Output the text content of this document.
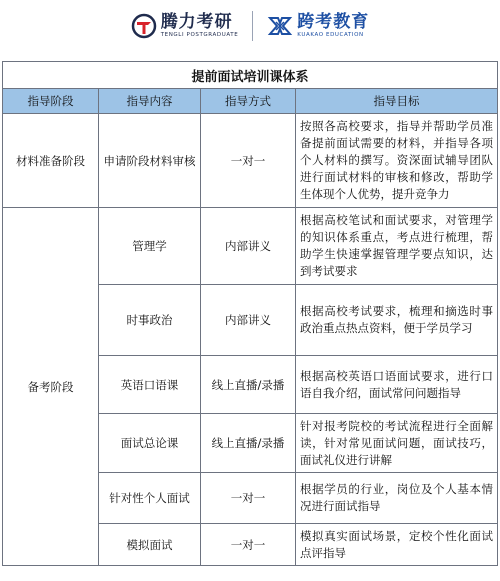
腾力考研
TENGLI POSTGRADUATE
跨考教育
KUAKAO EDUCATION
提前面试培训课体系			
指导阶段	指导内容	指导方式	指导目标
材料准备阶段	申请阶段材料审核	一对一	按照各高校要求，指导并帮助学员准备提前面试需要的材料，并指导各项个人材料的撰写。资深面试辅导团队进行面试材料的审核和修改，帮助学生体现个人优势，提升竞争力
备考阶段	管理学	内部讲义	根据高校笔试和面试要求，对管理学的知识体系重点，考点进行梳理，帮助学生快速掌握管理学要点知识，达到考试要求
	时事政治	内部讲义	根据高校考试要求，梳理和摘选时事政治重点热点资料，便于学员学习
	英语口语课	线上直播/录播	根据高校英语口语面试要求，进行口语自我介绍，面试常问问题指导
	面试总论课	线上直播/录播	针对报考院校的考试流程进行全面解读，针对常见面试问题，面试技巧，面试礼仪进行讲解
	针对性个人面试	一对一	根据学员的行业，岗位及个人基本情况进行面试指导
	模拟面试	一对一	模拟真实面试场景，定校个性化面试点评指导
